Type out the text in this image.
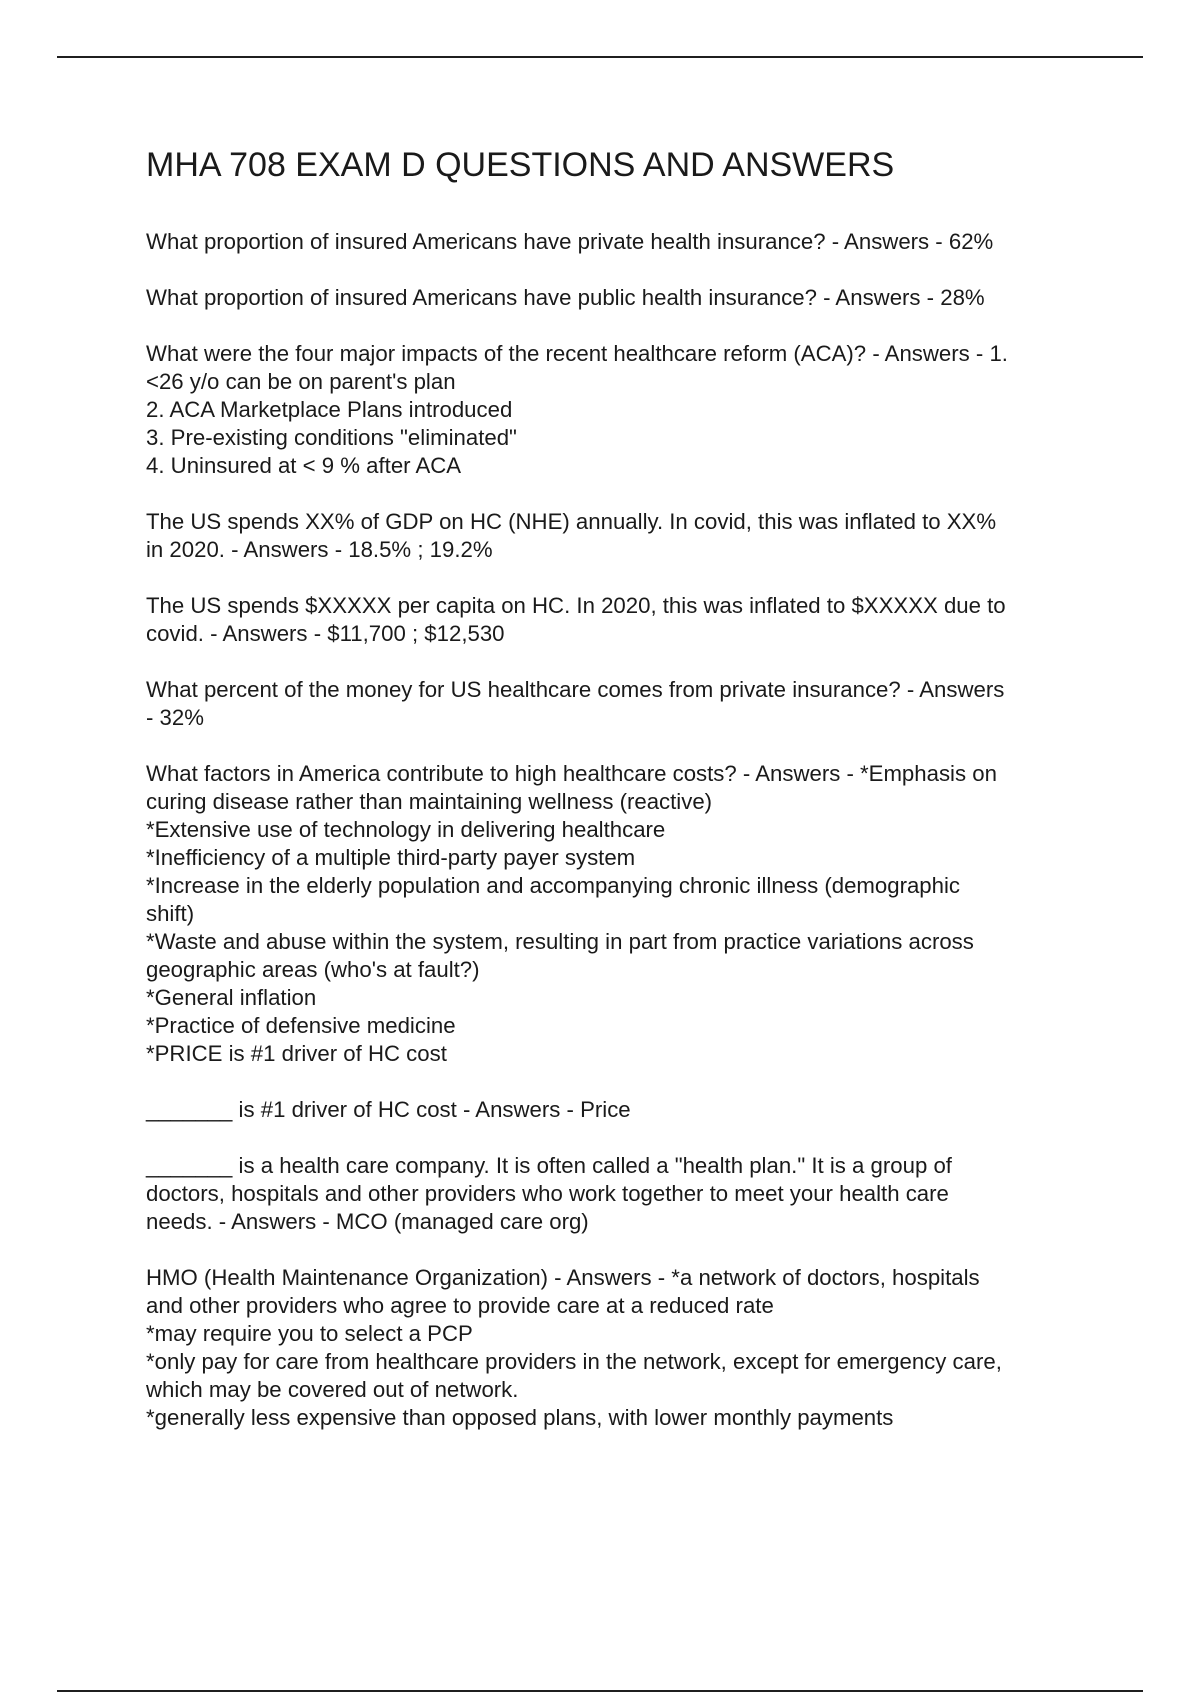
MHA 708 EXAM D QUESTIONS AND ANSWERS
What proportion of insured Americans have private health insurance? - Answers - 62%
What proportion of insured Americans have public health insurance? - Answers - 28%
What were the four major impacts of the recent healthcare reform (ACA)? - Answers - 1.
<26 y/o can be on parent's plan
2. ACA Marketplace Plans introduced
3. Pre-existing conditions "eliminated"
4. Uninsured at < 9 % after ACA
The US spends XX% of GDP on HC (NHE) annually. In covid, this was inflated to XX%
in 2020. - Answers - 18.5% ; 19.2%
The US spends $XXXXX per capita on HC. In 2020, this was inflated to $XXXXX due to
covid. - Answers - $11,700 ; $12,530
What percent of the money for US healthcare comes from private insurance? - Answers
- 32%
What factors in America contribute to high healthcare costs? - Answers - *Emphasis on
curing disease rather than maintaining wellness (reactive)
*Extensive use of technology in delivering healthcare
*Inefficiency of a multiple third-party payer system
*Increase in the elderly population and accompanying chronic illness (demographic
shift)
*Waste and abuse within the system, resulting in part from practice variations across
geographic areas (who's at fault?)
*General inflation
*Practice of defensive medicine
*PRICE is #1 driver of HC cost
_______ is #1 driver of HC cost - Answers - Price
_______ is a health care company. It is often called a "health plan." It is a group of
doctors, hospitals and other providers who work together to meet your health care
needs. - Answers - MCO (managed care org)
HMO (Health Maintenance Organization) - Answers - *a network of doctors, hospitals
and other providers who agree to provide care at a reduced rate
*may require you to select a PCP
*only pay for care from healthcare providers in the network, except for emergency care,
which may be covered out of network.
*generally less expensive than opposed plans, with lower monthly payments
